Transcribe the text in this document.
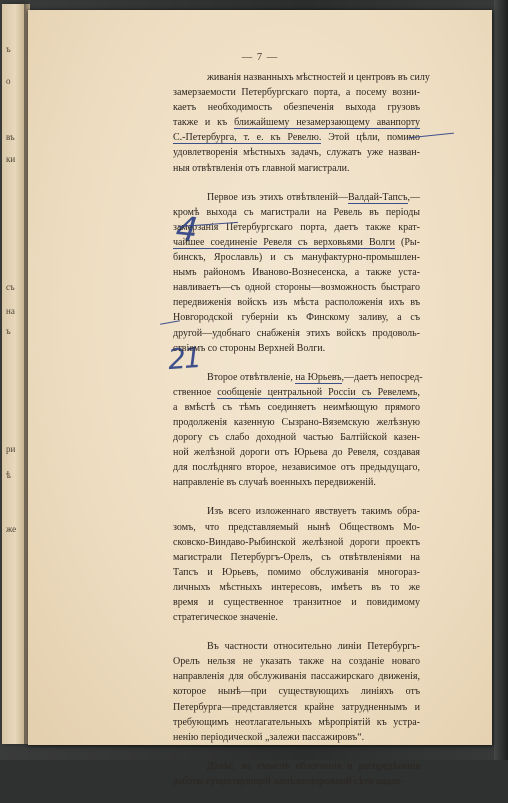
ъ
о
въ
ки
съ
на
ъ
ри
ѣ
же
— 7 —
4
21
живанія названныхъ мѣстностей и центровъ въ силу
замерзаемости Петербургскаго порта, а посему возни-
каетъ необходимость обезпеченія выхода грузовъ
также и къ ближайшему незамерзающему аванпорту
С.-Петербурга, т. е. къ Ревелю. Этой цѣли, помимо
удовлетворенія мѣстныхъ задачъ, служатъ уже назван-
ныя отвѣтвленія отъ главной магистрали.
Первое изъ этихъ отвѣтвленій—Валдай-Тапсъ,—
кромѣ выхода съ магистрали на Ревель въ періоды
замерзанія Петербургскаго порта, даетъ также крат-
чайшее соединеніе Ревеля съ верховьями Волги (Ры-
бинскъ, Ярославль) и съ мануфактурно-промышлен-
нымъ райономъ Иваново-Вознесенска, а также уста-
навливаетъ—съ одной стороны—возможность быстраго
передвиженія войскъ изъ мѣста расположенія ихъ въ
Новгородской губерніи къ Финскому заливу, а съ
другой—удобнаго снабженія этихъ войскъ продоволь-
ствіемъ со стороны Верхней Волги.
Второе отвѣтвленіе, на Юрьевъ,—даетъ непосред-
ственное сообщеніе центральной Россіи съ Ревелемъ,
а вмѣстѣ съ тѣмъ соединяетъ неимѣющую прямого
продолженія казенную Сызрано-Вяземскую желѣзную
дорогу съ слабо доходной частью Балтійской казен-
ной желѣзной дороги отъ Юрьева до Ревеля, создавая
для послѣдняго второе, независимое отъ предыдущаго,
направленіе въ случаѣ военныхъ передвиженій.
Изъ всего изложеннаго явствуетъ такимъ обра-
зомъ, что представляемый нынѣ Обществомъ Мо-
сковско-Виндаво-Рыбинской желѣзной дороги проектъ
магистрали Петербургъ-Орелъ, съ отвѣтвленіями на
Тапсъ и Юрьевъ, помимо обслуживанія многораз-
личныхъ мѣстныхъ интересовъ, имѣетъ въ то же
время и существенное транзитное и повидимому
стратегическое значеніе.
Въ частности относительно линіи Петербургъ-
Орелъ нельзя не указать также на созданіе новаго
направленія для обслуживанія пассажирскаго движенія,
которое нынѣ—при существующихъ линіяхъ отъ
Петербурга—представляется крайне затрудненнымъ и
требующимъ неотлагательныхъ мѣропріятій къ устра-
ненію періодической „залежи пассажировъ“.
Далѣе, въ смыслѣ облегченія и распредѣленія
работы существующей желѣзнодорожной сѣти надле-
